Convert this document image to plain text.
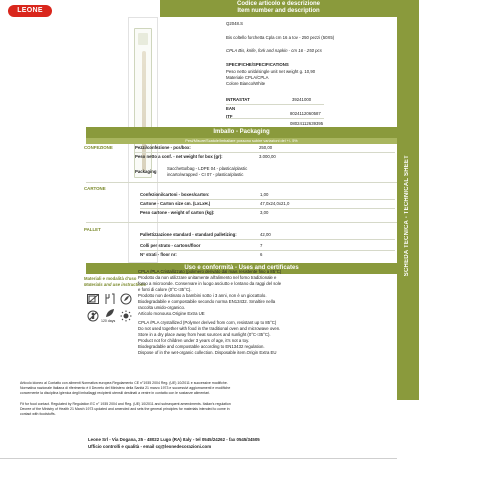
LEONE
Codice articolo e descrizione
Item number and description
SCHEDA TECNICA - TECHNICAL SHEET
Q2048.S
Bis coltello forchetta Cpla cm 16 a tov - 250 pezzi (50X5)
CPLA Bis, knife, fork and napkin - cm 16 - 250 pcs
SPECIFICHE/SPECIFICATIONS
Peso netto unità/single unit net weight g. 10,90
Materiale CPLA/CPLA
Colore Bianco/White
INTRASTAT	39241000
EAN
8024112060587
ITF
08024112639395
Imballo - Packaging
Pesi/Misure/Scatole/Imballare possono subire variazioni del +/- 5%
CONFEZIONE	Pezzi/confezione - pcs/box:	250,00
Peso netto a conf. - net weight for box (gr):	3.000,00
Packaging
Sacchetto/bag - LDPE 04 - plastica/plastic
incarto/wrapped - CI 07 - plastica/plastic
CARTONE
Confezioni/cartoni - boxes/carton:	1,00
Cartone - Carton size cm. (LxLxH.)	47,0x24,0x21,0
Peso cartone - weight of carton (kg):	3,00
PALLET
Pallettizzazione standard - standard palletizing:	42,00
Colli per strato - cartons/floor	7
N° strati - floor nr:	6
Uso e conformità - Uses and certificates
Materiali e modalità d'uso
Materials and use instructions
120 days
CPLA /PLA Cristallizzato (polimero derivato dal mais resistente fino a 85°C)
Prodotto da non utilizzare unitamente all'alimento nel forno tradizionale e
forno a microonde. Conservare in luogo asciutto e lontano da raggi del sole
e fonti di calore (0°C÷35°C).
Prodotto non destinato a bambini sotto i 3 anni, non è un giocattolo.
Biodegradabile e compostabile secondo norma EN13432. Smaltire nella
raccolta umido-organico.
Articolo monouso.Origine Extra UE
CPLA /PLA crystallized (Polymer derived from corn, resistant up to 85°C)
Do not used together with food in the traditional oven and microwave oven.
Store in a dry place away from heat sources and sunlight (0°C÷35°C).
Product not for children under 3 years of age, it's not a toy.
Biodegradable and compostable according to EN13432 regulation.
Dispose of in the wet-organic collection. Disposable item.Origin Extra EU
Articolo idoneo al Contatto con alimenti Normativa europea Regolamento CE n°1935 2004 Reg. (UE) 10/2011 e successive modifiche.
Normativa nazionale Italiana di riferimento è il Decreto del Ministero della Sanità 21 marzo 1973 e successivi aggiornamenti e modifiche
concernente la disciplina igienica degli imballaggi recipienti utensili destinati a venire in contatto con le sostanze alimentari.
Fit for food contact. Regulated by Regulation EC n° 1935 2004 and Reg. (UE) 10/2011 and subsequent amendments. Italian's regulation
Decree of the Ministry of Health 21 March 1973 updated and amended and sets the general principles for materials intended to come in
contact with foodstuffs.
Leone Srl - Via Dogana, 25 - 48022 Lugo (RA) Italy - tel 0545/24262 - fax 0545/34505
Ufficio controlli e qualità - email cq@leonedecorazioni.com
